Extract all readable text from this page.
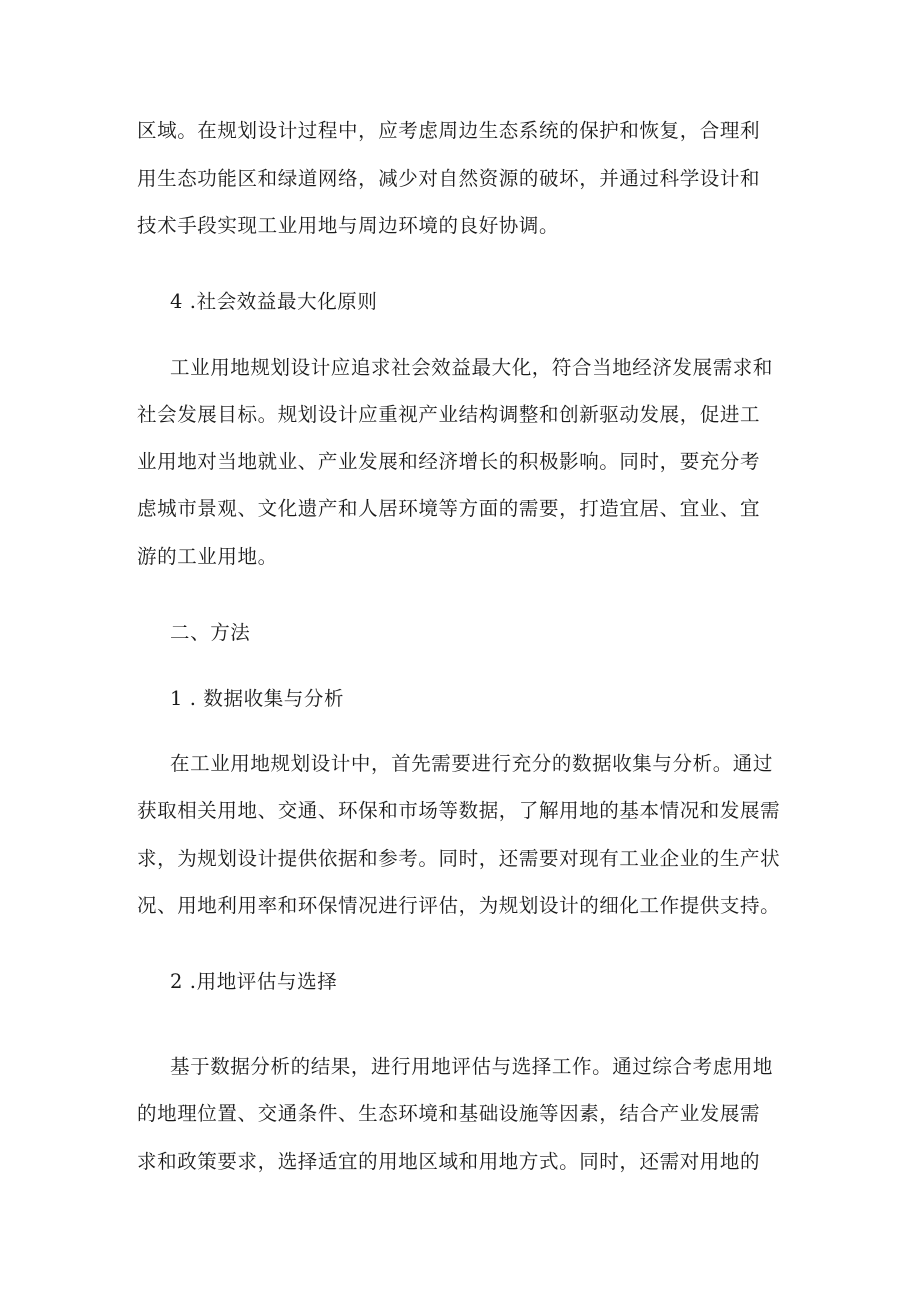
区域。在规划设计过程中，应考虑周边生态系统的保护和恢复，合理利
用生态功能区和绿道网络，减少对自然资源的破坏，并通过科学设计和
技术手段实现工业用地与周边环境的良好协调。
4 .社会效益最大化原则
工业用地规划设计应追求社会效益最大化，符合当地经济发展需求和
社会发展目标。规划设计应重视产业结构调整和创新驱动发展，促进工
业用地对当地就业、产业发展和经济增长的积极影响。同时，要充分考
虑城市景观、文化遗产和人居环境等方面的需要，打造宜居、宜业、宜
游的工业用地。
二、方法
1 . 数据收集与分析
在工业用地规划设计中，首先需要进行充分的数据收集与分析。通过
获取相关用地、交通、环保和市场等数据，了解用地的基本情况和发展需
求，为规划设计提供依据和参考。同时，还需要对现有工业企业的生产状
况、用地利用率和环保情况进行评估，为规划设计的细化工作提供支持。
2 .用地评估与选择
基于数据分析的结果，进行用地评估与选择工作。通过综合考虑用地
的地理位置、交通条件、生态环境和基础设施等因素，结合产业发展需
求和政策要求，选择适宜的用地区域和用地方式。同时，还需对用地的
